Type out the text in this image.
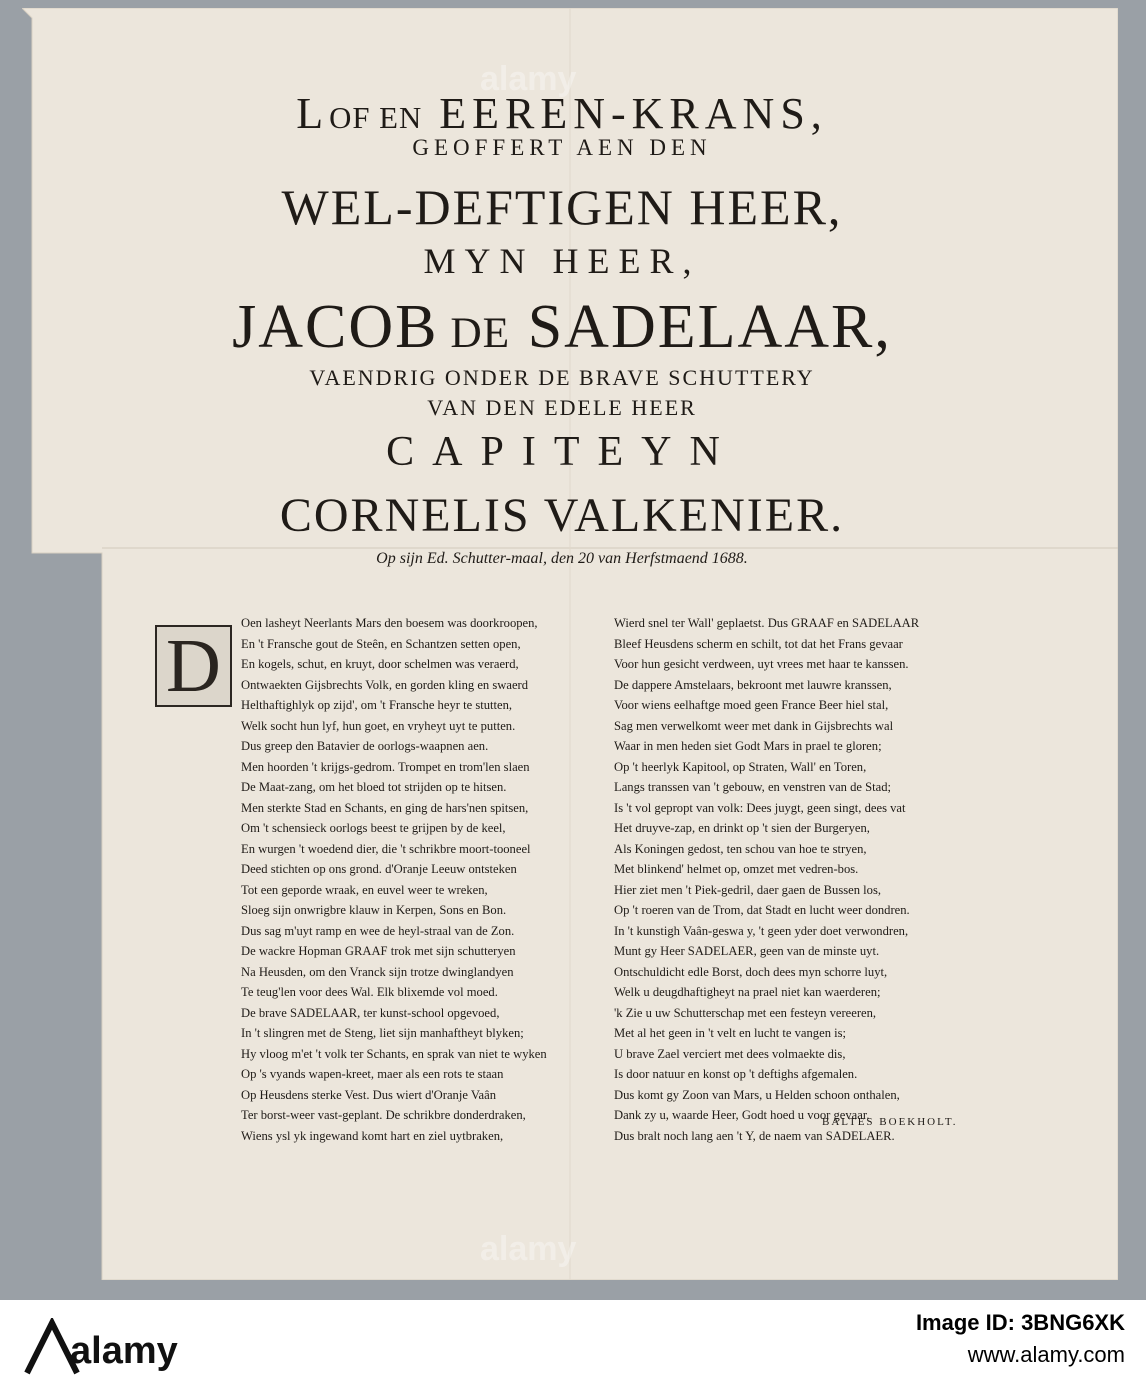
LOF EN EEREN-KRANS,
GEOFFERT AEN DEN
WEL-DEFTIGEN HEER,
MYN HEER,
JACOB DE SADELAAR,
VAENDRIG ONDER DE BRAVE SCHUTTERY
VAN DEN EDELE HEER
CAPITEYN
CORNELIS VALKENIER.
Op sijn Ed. Schutter-maal, den 20 van Herfstmaend 1688.
D
Oen lasheyt Neerlants Mars den boesem was doorkroopen,
En 't Fransche gout de Steên, en Schantzen setten open,
En kogels, schut, en kruyt, door schelmen was veraerd,
Ontwaekten Gijsbrechts Volk, en gorden kling en swaerd
Helthaftighlyk op zijd', om 't Fransche heyr te stutten,
Welk socht hun lyf, hun goet, en vryheyt uyt te putten.
Dus greep den Batavier de oorlogs-waapnen aen.
Men hoorden 't krijgs-gedrom. Trompet en trom'len slaen
De Maat-zang, om het bloed tot strijden op te hitsen.
Men sterkte Stad en Schants, en ging de hars'nen spitsen,
Om 't schensieck oorlogs beest te grijpen by de keel,
En wurgen 't woedend dier, die 't schrikbre moort-tooneel
Deed stichten op ons grond. d'Oranje Leeuw ontsteken
Tot een geporde wraak, en euvel weer te wreken,
Sloeg sijn onwrigbre klauw in Kerpen, Sons en Bon.
Dus sag m'uyt ramp en wee de heyl-straal van de Zon.
De wackre Hopman GRAAF trok met sijn schutteryen
Na Heusden, om den Vranck sijn trotze dwinglandyen
Te teug'len voor dees Wal. Elk blixemde vol moed.
De brave SADELAAR, ter kunst-school opgevoed,
In 't slingren met de Steng, liet sijn manhaftheyt blyken;
Hy vloog m'et 't volk ter Schants, en sprak van niet te wyken
Op 's vyands wapen-kreet, maer als een rots te staan
Op Heusdens sterke Vest. Dus wiert d'Oranje Vaân
Ter borst-weer vast-geplant. De schrikbre donderdraken,
Wiens ysl yk ingewand komt hart en ziel uytbraken,
Wierd snel ter Wall' geplaetst. Dus GRAAF en SADELAAR
Bleef Heusdens scherm en schilt, tot dat het Frans gevaar
Voor hun gesicht verdween, uyt vrees met haar te kanssen.
De dappere Amstelaars, bekroont met lauwre kranssen,
Voor wiens eelhaftge moed geen France Beer hiel stal,
Sag men verwelkomt weer met dank in Gijsbrechts wal
Waar in men heden siet Godt Mars in prael te gloren;
Op 't heerlyk Kapitool, op Straten, Wall' en Toren,
Langs transsen van 't gebouw, en venstren van de Stad;
Is 't vol gepropt van volk: Dees juygt, geen singt, dees vat
Het druyve-zap, en drinkt op 't sien der Burgeryen,
Als Koningen gedost, ten schou van hoe te stryen,
Met blinkend' helmet op, omzet met vedren-bos.
Hier ziet men 't Piek-gedril, daer gaen de Bussen los,
Op 't roeren van de Trom, dat Stadt en lucht weer dondren.
In 't kunstigh Vaân-geswa y, 't geen yder doet verwondren,
Munt gy Heer SADELAER, geen van de minste uyt.
Ontschuldicht edle Borst, doch dees myn schorre luyt,
Welk u deugdhaftigheyt na prael niet kan waerderen;
'k Zie u uw Schutterschap met een festeyn vereeren,
Met al het geen in 't velt en lucht te vangen is;
U brave Zael verciert met dees volmaekte dis,
Is door natuur en konst op 't deftighs afgemalen.
Dus komt gy Zoon van Mars, u Helden schoon onthalen,
Dank zy u, waarde Heer, Godt hoed u voor gevaar.
Dus bralt noch lang aen 't Y, de naem van SADELAER.
BALTES BOEKHOLT.
alamy
alamy
alamy
Image ID: 3BNG6XK
www.alamy.com
